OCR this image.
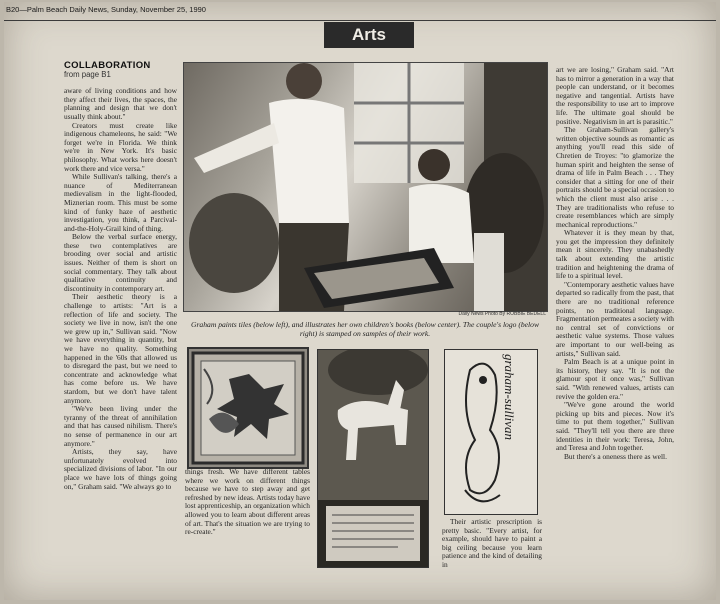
B20—Palm Beach Daily News, Sunday, November 25, 1990
Arts
COLLABORATION
from page B1

aware of living conditions and how they affect their lives, the spaces, the planning and design that we don't usually think about."

Creators must create like indigenous chameleons, he said: "We forget we're in Florida. We think we're in New York. It's basic philosophy. What works here doesn't work there and vice versa."

While Sullivan's talking, there's a nuance of Mediterranean medievalism in the light-flooded, Miznerian room. This must be some kind of funky haze of aesthetic investigation, you think, a Parcival-and-the-Holy-Grail kind of thing.

Below the verbal surface energy, these two contemplatives are brooding over social and artistic issues. Neither of them is short on social commentary. They talk about qualitative continuity and discontinuity in contemporary art.

Their aesthetic theory is a challenge to artists: "Art is a reflection of life and society. The society we live in now, isn't the one we grew up in," Sullivan said. "Now we have everything in quantity, but we have no quality. Something happened in the '60s that allowed us to disregard the past, but we need to concentrate and acknowledge what has come before us. We have stardom, but we don't have talent anymore.

"We've been living under the tyranny of the threat of annihilation and that has caused nihilism. There's no sense of permanence in our art anymore."

Artists, they say, have unfortunately evolved into specialized divisions of labor. "In our place we have lots of things going on," Graham said. "We always go to

Daily News Photo By ROBBIE BEDELL
Graham paints tiles (below left), and illustrates her own children's books (below center). The couple's logo (below right) is stamped on samples of their work.
graham-sullivan

things fresh. We have different tables where we work on different things because we have to step away and get refreshed by new ideas. Artists today have lost apprenticeship, an organization which allowed you to learn about different areas of art. That's the situation we are trying to re-create."

Their artistic prescription is pretty basic. "Every artist, for example, should have to paint a big ceiling because you learn patience and the kind of detailing in

art we are losing," Graham said. "Art has to mirror a generation in a way that people can understand, or it becomes negative and tangential. Artists have the responsibility to use art to improve life. The ultimate goal should be positive. Negativism in art is parasitic."

The Graham-Sullivan gallery's written objective sounds as romantic as anything you'll read this side of Chretien de Troyes: "to glamorize the human spirit and heighten the sense of drama of life in Palm Beach . . . They consider that a sitting for one of their portraits should be a special occasion to which the client must also arise . . . They are traditionalists who refuse to create resemblances which are simply mechanical reproductions."

Whatever it is they mean by that, you get the impression they definitely mean it sincerely. They unabashedly talk about extending the artistic tradition and heightening the drama of life to a spiritual level.

"Contemporary aesthetic values have departed so radically from the past, that there are no traditional reference points, no traditional language. Fragmentation permeates a society with no central set of convictions or aesthetic value systems. Those values are important to our well-being as artists," Sullivan said.

Palm Beach is at a unique point in its history, they say. "It is not the glamour spot it once was," Sullivan said. "With renewed values, artists can revive the golden era."

"We've gone around the world picking up bits and pieces. Now it's time to put them together," Sullivan said. "They'll tell you there are three identities in their work: Teresa, John, and Teresa and John together.

But there's a oneness there as well.
